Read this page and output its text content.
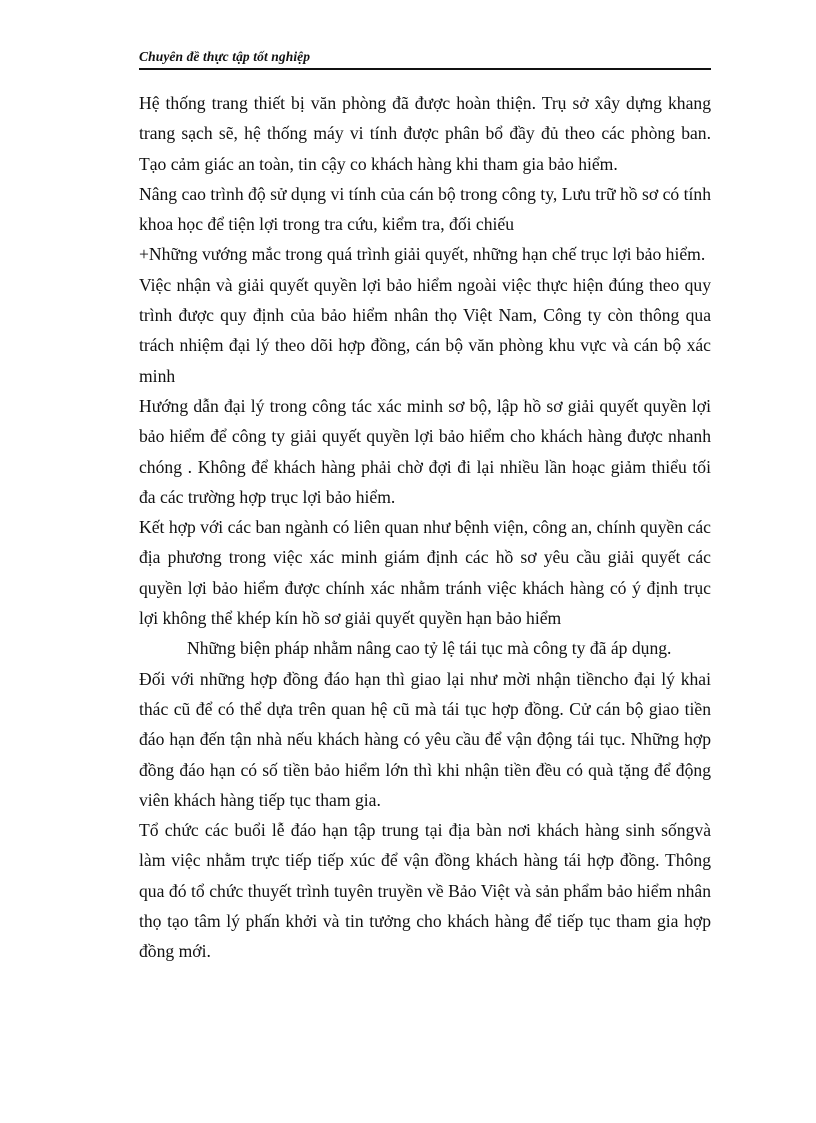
Chuyên đề thực tập tốt nghiệp

Hệ thống trang thiết bị văn phòng đã được hoàn thiện. Trụ sở xây dựng khang trang sạch sẽ, hệ thống máy vi tính được phân bổ đầy đủ theo các phòng ban. Tạo cảm giác an toàn, tin cậy co khách hàng khi tham gia bảo hiểm.

Nâng cao trình độ sử dụng vi tính của cán bộ trong công ty, Lưu trữ hồ sơ có tính khoa học để tiện lợi trong tra cứu, kiểm tra, đối chiếu

+Những vướng mắc trong quá trình giải quyết, những hạn chế trục lợi bảo hiểm.

Việc nhận và giải quyết quyền lợi bảo hiểm ngoài việc thực hiện đúng theo quy trình được quy định của bảo hiểm nhân thọ Việt Nam, Công ty còn thông qua trách nhiệm đại lý theo dõi hợp đồng, cán bộ văn phòng khu vực và cán bộ xác minh

Hướng dẫn đại lý trong công tác xác minh sơ bộ, lập hồ sơ giải quyết quyền lợi bảo hiểm để công ty giải quyết quyền lợi bảo hiểm cho khách hàng được nhanh chóng . Không để khách hàng phải chờ đợi đi lại nhiều lần hoạc giảm thiểu tối đa các trường hợp trục lợi bảo hiểm.

Kết hợp với các ban ngành có liên quan như bệnh viện, công an, chính quyền các địa phương trong việc xác minh giám định các hồ sơ yêu cầu giải quyết các quyền lợi bảo hiểm được chính xác nhằm tránh việc khách hàng có ý định trục lợi không thể khép kín hồ sơ giải quyết quyền hạn bảo hiểm

Những biện pháp nhằm nâng cao tỷ lệ tái tục mà công ty đã áp dụng.

Đối với những hợp đồng đáo hạn thì giao lại như mời nhận tiềncho đại lý khai thác cũ để có thể dựa trên quan hệ cũ mà tái tục hợp đồng. Cử cán bộ giao tiền đáo hạn đến tận nhà nếu khách hàng có yêu cầu để vận động tái tục. Những hợp đồng đáo hạn có số tiền bảo hiểm lớn thì khi nhận tiền đều có quà tặng để động viên khách hàng tiếp tục tham gia.

Tổ chức các buổi lễ đáo hạn tập trung tại địa bàn nơi khách hàng sinh sốngvà làm việc nhằm trực tiếp tiếp xúc để vận đồng khách hàng tái hợp đồng. Thông qua đó tổ chức thuyết trình tuyên truyền về Bảo Việt và sản phẩm bảo hiểm nhân thọ tạo tâm lý phấn khởi và tin tưởng cho khách hàng để tiếp tục tham gia hợp đồng mới.
